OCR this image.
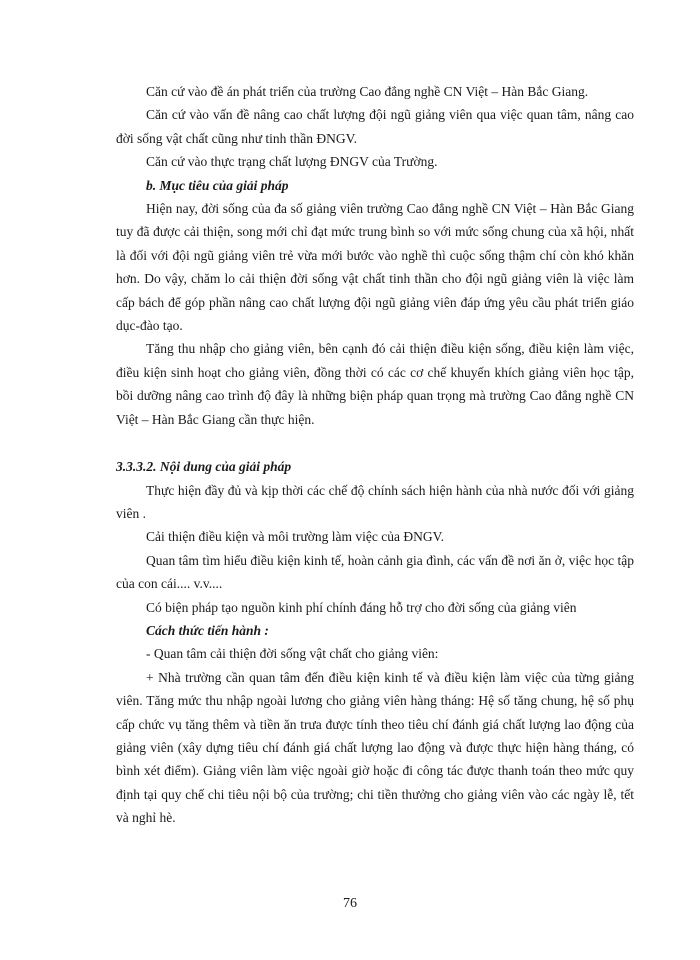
Căn cứ vào đề án phát triển của trường Cao đẳng nghề CN Việt – Hàn Bắc Giang.

Căn cứ vào vấn đề nâng cao chất lượng đội ngũ giảng viên qua việc quan tâm, nâng cao đời sống vật chất cũng như tinh thần ĐNGV.

Căn cứ vào thực trạng chất lượng ĐNGV của Trường.

b. Mục tiêu của giải pháp

Hiện nay, đời sống của đa số giảng viên trường Cao đẳng nghề CN Việt – Hàn Bắc Giang tuy đã được cải thiện, song mới chỉ đạt mức trung bình so với mức sống chung của xã hội, nhất là đối với đội ngũ giảng viên trẻ vừa mới bước vào nghề thì cuộc sống thậm chí còn khó khăn hơn. Do vậy, chăm lo cải thiện đời sống vật chất tinh thần cho đội ngũ giảng viên là việc làm cấp bách để góp phần nâng cao chất lượng đội ngũ giảng viên đáp ứng yêu cầu phát triển giáo dục-đào tạo.

Tăng thu nhập cho giảng viên, bên cạnh đó cải thiện điều kiện sống, điều kiện làm việc, điều kiện sinh hoạt cho giảng viên, đồng thời có các cơ chế khuyến khích giảng viên học tập, bồi dưỡng nâng cao trình độ đây là những biện pháp quan trọng mà trường Cao đẳng nghề CN Việt – Hàn Bắc Giang cần thực hiện.

3.3.3.2. Nội dung của giải pháp

Thực hiện đầy đủ và kịp thời các chế độ chính sách hiện hành của nhà nước đối với giảng viên .

Cải thiện điều kiện và môi trường làm việc của ĐNGV.

Quan tâm tìm hiểu điều kiện kinh tế, hoàn cảnh gia đình, các vấn đề nơi ăn ở, việc học tập của con cái.... v.v....

Có biện pháp tạo nguồn kinh phí chính đáng hỗ trợ cho đời sống của giảng viên

Cách thức tiến hành :

- Quan tâm cải thiện đời sống vật chất cho giảng viên:

+ Nhà trường cần quan tâm đến điều kiện kinh tế và điều kiện làm việc của từng giảng viên. Tăng mức thu nhập ngoài lương cho giảng viên hàng tháng: Hệ số tăng chung, hệ số phụ cấp chức vụ tăng thêm và tiền ăn trưa được tính theo tiêu chí đánh giá chất lượng lao động của giảng viên (xây dựng tiêu chí đánh giá chất lượng lao động và được thực hiện hàng tháng, có bình xét điểm). Giảng viên làm việc ngoài giờ hoặc đi công tác được thanh toán theo mức quy định tại quy chế chi tiêu nội bộ của trường; chi tiền thưởng cho giảng viên vào các ngày lễ, tết và nghỉ hè.

76
